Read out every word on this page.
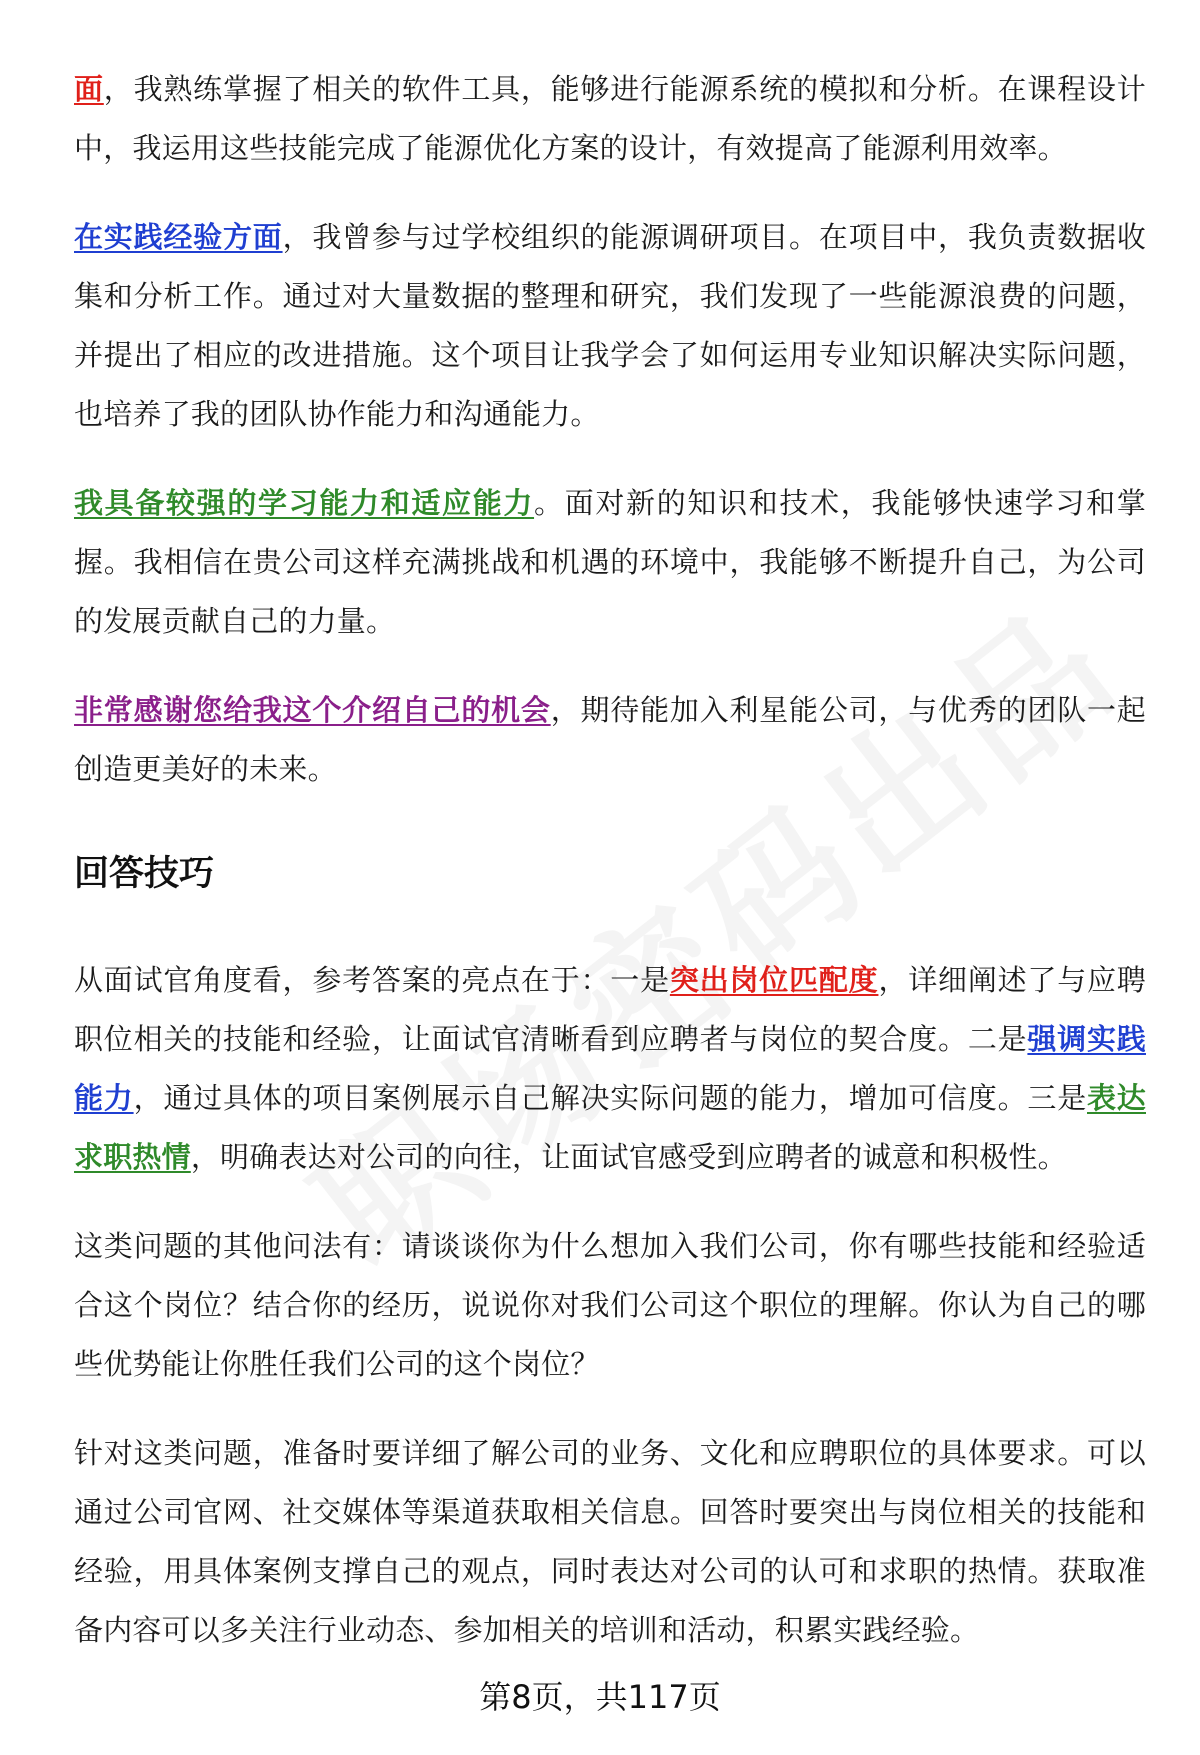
面，我熟练掌握了相关的软件工具，能够进行能源系统的模拟和分析。在课程设计中，我运用这些技能完成了能源优化方案的设计，有效提高了能源利用效率。

在实践经验方面，我曾参与过学校组织的能源调研项目。在项目中，我负责数据收集和分析工作。通过对大量数据的整理和研究，我们发现了一些能源浪费的问题，并提出了相应的改进措施。这个项目让我学会了如何运用专业知识解决实际问题，也培养了我的团队协作能力和沟通能力。

我具备较强的学习能力和适应能力。面对新的知识和技术，我能够快速学习和掌握。我相信在贵公司这样充满挑战和机遇的环境中，我能够不断提升自己，为公司的发展贡献自己的力量。

非常感谢您给我这个介绍自己的机会，期待能加入利星能公司，与优秀的团队一起创造更美好的未来。

回答技巧

从面试官角度看，参考答案的亮点在于：一是突出岗位匹配度，详细阐述了与应聘职位相关的技能和经验，让面试官清晰看到应聘者与岗位的契合度。二是强调实践能力，通过具体的项目案例展示自己解决实际问题的能力，增加可信度。三是表达求职热情，明确表达对公司的向往，让面试官感受到应聘者的诚意和积极性。

这类问题的其他问法有：请谈谈你为什么想加入我们公司，你有哪些技能和经验适合这个岗位？结合你的经历，说说你对我们公司这个职位的理解。你认为自己的哪些优势能让你胜任我们公司的这个岗位？

针对这类问题，准备时要详细了解公司的业务、文化和应聘职位的具体要求。可以通过公司官网、社交媒体等渠道获取相关信息。回答时要突出与岗位相关的技能和经验，用具体案例支撑自己的观点，同时表达对公司的认可和求职的热情。获取准备内容可以多关注行业动态、参加相关的培训和活动，积累实践经验。

第8页，共117页
